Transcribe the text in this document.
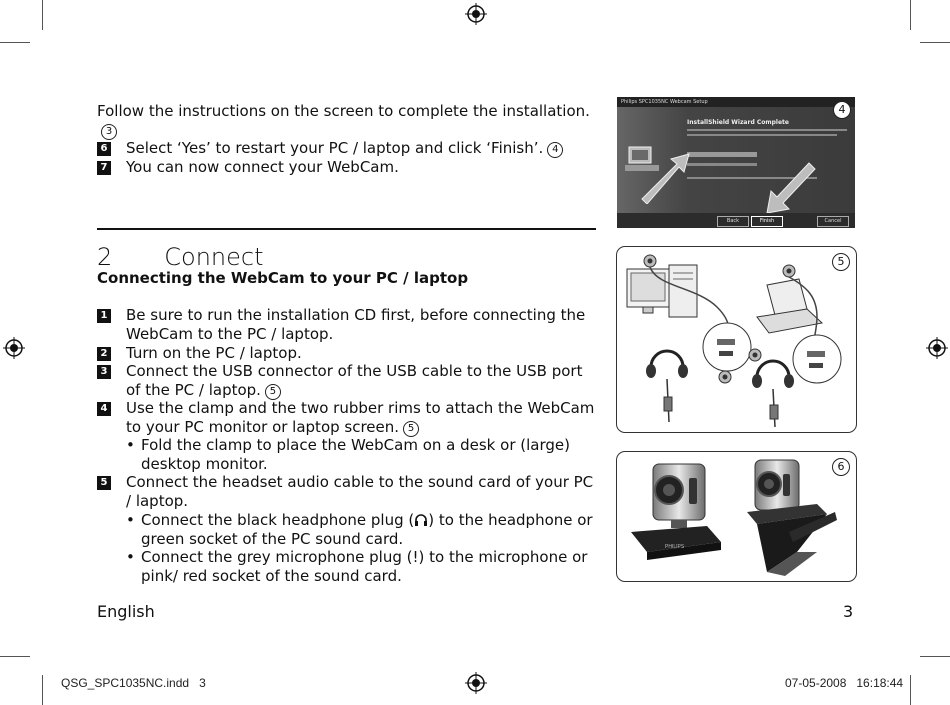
Follow the instructions on the screen to complete the installation.3
6 Select ‘Yes’ to restart your PC / laptop and click ‘Finish’. 4
7 You can now connect your WebCam.
2 Connect
Connecting the WebCam to your PC / laptop
1 Be sure to run the installation CD first, before connecting the WebCam to the PC / laptop.
2 Turn on the PC / laptop.
3 Connect the USB connector of the USB cable to the USB port of the PC / laptop. 5
4 Use the clamp and the two rubber rims to attach the WebCam to your PC monitor or laptop screen. 5
• Fold the clamp to place the WebCam on a desk or (large) desktop monitor.
5 Connect the headset audio cable to the sound card of your PC / laptop.
• Connect the black headphone plug ( ) to the headphone or green socket of the PC sound card.
• Connect the grey microphone plug (!) to the microphone or pink/ red socket of the sound card.
Philips SPC1035NC Webcam Setup
InstallShield Wizard Complete
Back	Finish	Cancel
4
5
6
PHILIPS
English	3
QSG_SPC1035NC.indd   3	07-05-2008   16:18:44
